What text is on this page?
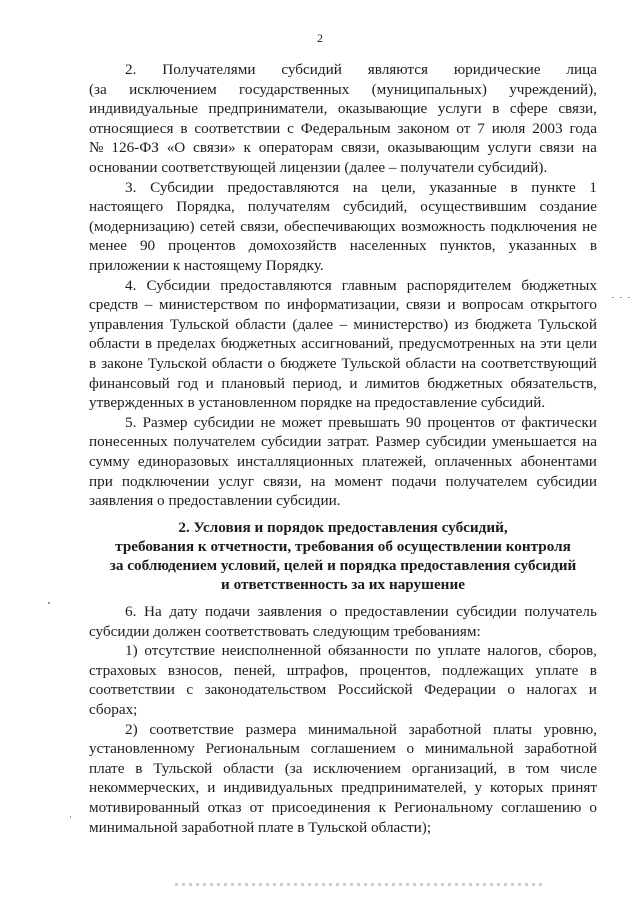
2
2. Получателями субсидий являются юридические лица
(за исключением государственных (муниципальных) учреждений),
индивидуальные предприниматели, оказывающие услуги в сфере связи,
относящиеся в соответствии с Федеральным законом от 7 июля 2003 года
№ 126-ФЗ «О связи» к операторам связи, оказывающим услуги связи на
основании соответствующей лицензии (далее – получатели субсидий).
3. Субсидии предоставляются на цели, указанные в пункте 1
настоящего Порядка, получателям субсидий, осуществившим создание
(модернизацию) сетей связи, обеспечивающих возможность подключения не
менее 90 процентов домохозяйств населенных пунктов, указанных в
приложении к настоящему Порядку.
4. Субсидии предоставляются главным распорядителем бюджетных
средств – министерством по информатизации, связи и вопросам открытого
управления Тульской области (далее – министерство) из бюджета Тульской
области в пределах бюджетных ассигнований, предусмотренных на эти цели
в законе Тульской области о бюджете Тульской области на соответствующий
финансовый год и плановый период, и лимитов бюджетных обязательств,
утвержденных в установленном порядке на предоставление субсидий.
5. Размер субсидии не может превышать 90 процентов от фактически
понесенных получателем субсидии затрат. Размер субсидии уменьшается на
сумму единоразовых инсталляционных платежей, оплаченных абонентами
при подключении услуг связи, на момент подачи получателем субсидии
заявления о предоставлении субсидии.
2. Условия и порядок предоставления субсидий,
требования к отчетности, требования об осуществлении контроля
за соблюдением условий, целей и порядка предоставления субсидий
и ответственность за их нарушение
6. На дату подачи заявления о предоставлении субсидии получатель
субсидии должен соответствовать следующим требованиям:
1) отсутствие неисполненной обязанности по уплате налогов, сборов,
страховых взносов, пеней, штрафов, процентов, подлежащих уплате в
соответствии с законодательством Российской Федерации о налогах и
сборах;
2) соответствие размера минимальной заработной платы уровню,
установленному Региональным соглашением о минимальной заработной
плате в Тульской области (за исключением организаций, в том числе
некоммерческих, и индивидуальных предпринимателей, у которых принят
мотивированный отказ от присоединения к Региональному соглашению о
минимальной заработной плате в Тульской области);
